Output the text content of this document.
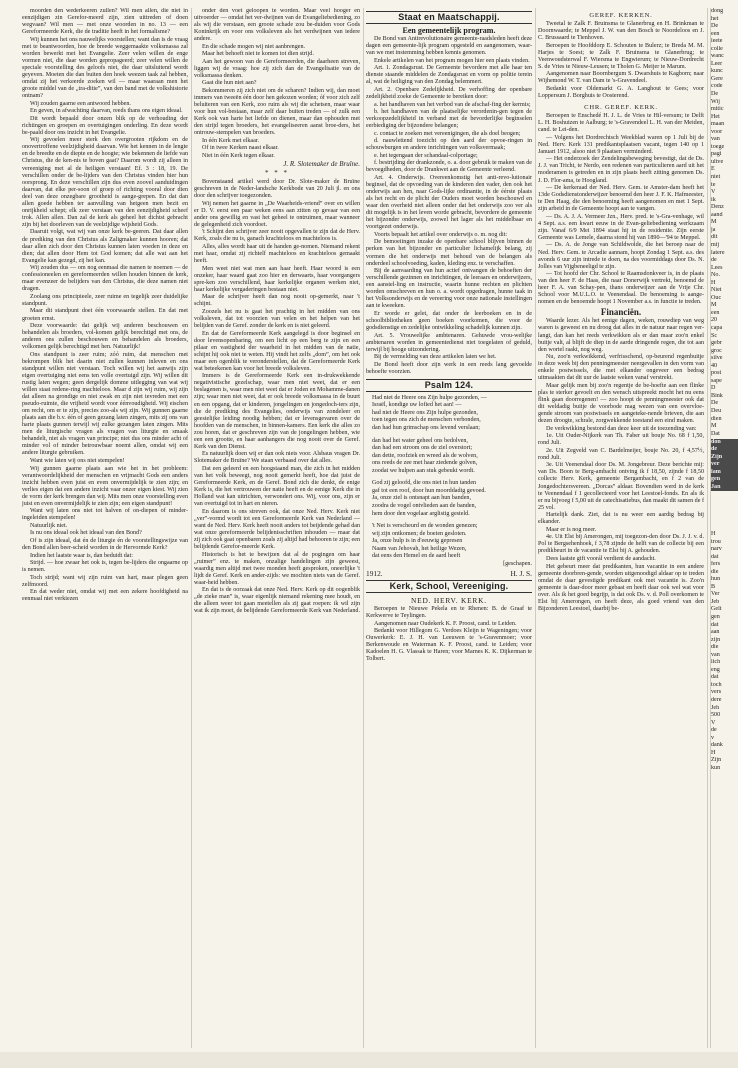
moorden den wederkeeren zullen? Wil men allen, die niet in eenzijdigen zin Gerefor-meerd zijn, zien uittreden of doen wegvaan? Wil men — met onze woorden in no. 13 — een Gereformeerde Kerk, die de traditie heeft in het formalisme?

Wij kunnen het ons nauwelijks voorstellen; want dan is de vraag met te beantwoorden, hoe de breede weggemaakte volksmassa zal worden bewerkt met het Evangelie. Zeer velen willen de enge vormen niet, die daar worden gepropageerd; zeer velen willen de speciale voorstelling des geloofs niet, die daar uitsluitend wordt geyeven. Moeten die dan buiten den hoek weezen taak zal hebben, omdat zij het verkeerde zoeken wil — maar waaraan men het groote middel van de „tra-ditie”, van den band met de volkshistorie ontnam?

Wij zouden gaarne een antwoord hebben.

En geven, in afwachting daarvan, reeds thans ons eigen ideaal.

Dit wordt bepaald door onzen blik op de verhouding der richtingen en groepen en overtuigingen onderling. En deze wordt be-paald door ons inzicht in het Evangelie.

Wij gevoelen meer sterk den overgrooten rijkdom en de onovertroffene veelzijdigheid daarvan. Wie het kennen in de lengte en de breedte en de diepte en de hoogte; wie bekennen de liefde van Christus, die de ken-nis te boven gaat? Daarom wordt zij alleen in vereeniging met al de heiligen verstaan! Ef. 3 : 18, 19. De verschillen onder de be-lijders van den Christus vinden hier hun oorsprong. En deze verschillen zijn dus even zoovel aanduidingen daarvan, dat elke per-soon of groep of richting vooral door dien deel van deze onzegbare grootheid is aange-grepen. En dat dan allen goede hebben ter aanvulling van hetgeen men bezit en onrijkheid schept; elk zeer verstaan van den eenzijdigheid scheef trok. Allen allen. Dan zal de kerk als geheel het dichtst gebracht zijn bij het doorleven van de veelzijdige wijsheid Gods.

Daaruit volgt, wat wij van onze kerk be-geeren. Dat daar allen de prediking van den Christus als Zaligmaker kunnen hooren; dat daar allen zich door den Christus kunnen laten voeden in deze en dien; dat allen door Hem tot God komen; dat alle wat aan het Evangelie kan gezegd, zij het kan.

Wij zouden dus — om nog eenmaal die namen te noemen — de confessioneelen en gereformeerden willen houden binnen de kerk, maar evenzeer de belijders van den Christus, die deze namen niet dragen.

Zoolang ons principieele, zeer ruime en tegelijk zeer duidelijke standpunt.

Maar dit standpunt doet één voorwaarde stellen. En dat met groeten ernst.

Deze voorwaarde: dat gelijk wij anderen beschouwen en behandelen als broeders, vol-komen gelijk berechtigd met ons, de anderen ons zullen beschouwen en behandelen als broeders, volkomen gelijk berechtigd met hen. Natuurlijk!

Ons standpunt is zeer ruim; zóó ruim, dat menschen met bekrompen blik het daarin niet zullen kunnen inleven en ons standpunt willen niet verstaan. Toch willen wij het aanwijs zijn eigen overtuiging niet eens ten volle overtuigd zijn. Wij willen dit rustig laten wegen; geen dergelijk domme uitlegging van wat wij willen staat redene-ring machteloos. Maar d zijn wij ruim, wij zijn dat alleen na grondige en niet zwak en zijn niet tevreden met een pseudo-ruimte, die vrijheid wordt voor éénvoudigheid. Wij eischen om recht, om er te zijn, precies zoo-als wij zijn. Wij gunnen gaarne plaats aan die b.v. één of geen gezang laten zingen, mits zij ons van harte plaats gunnen terwijl wij zulke gezangen laten zingen. Mits men de liturgische vragen als vragen van liturgie en smaak behandelt, niet als vragen van principe; niet dus ons minder acht of minder vol of minder betrouwbaar noemt allen, omdat wij een andere liturgie gebruiken.

Want wie laten wij ons niet stempelen!

Wij gunnen gaarne plaats aan wie het in het probleem: verantwoordelijkheid der menschen en vrijmacht Gods een anders inzicht hebben even juist en even onvermijdelijk te zien zijn; en verlies eigen dat een andere inzicht vaar onzer eigen kiest. Wij zien de vorm der kerk brengen dan wij. Mits men onze voorstelling even juist en even onvermijdelijk te zien zijn; een eigen standpunt!

Want wij laten ons niet tot halven of on-diepen of minder-ingeleiden stempelen!

Natuurlijk niet.

Is nu ons ideaal ook het ideaal van den Bond?

Of is zijn ideaal, dat én de liturgie én de voorstellingswijze van den Bond allen beer-scheid worden in de Hervormde Kerk?

Indien het laatste waar is, dan beduidt dat:

Strijd. — hoe zwaar het ook is, tegen be-lijders die ongaarne op is nemen.

Toch strijd; want wij zijn ruim van hart, maar plegen geen zelfmoord.

En dat weder niet, omdat wij met een zekere hoofdigheid na eenmaal niet verkiezen

onder den voet geloopen te worden. Maar veel hooger en uitvoerder — omdat het ver-dwijnen van de Evangeliebediening, zo als wij die verstaan, een groote schade zou be-duiden voor Gods Koninkrijk en voor ons volksleven als het verdwijnen van iedere andere.

En die schade mogen wij niet aanbrengen.

Maar het behoeft niet te komen tot dien strijd.

Aan het gewoon van de Gereformeerden, die daarheen streven, liggen wij de vraag: hoe zij zich dan de Evangelisatie van de volksmassa denken.

Gaat die hun niet aan?

Bekommeren zij zich niet om de scharen? Indien wij, dan moet immers van tweeën één door hen gekozen worden; óf voor zich zelf beluiteren van een Kerk, zoo ruim als wij die schetsen, maar waar voor hun vol-bestaan, maar zelf daar buiten treden — of zulk een Kerk ook van harte het liefde on dienen, maar dan ophouden met den strijd tegen broeders, het evangeliseeren aanst broe-ders, het ontrouw-stempelen van broeders.

In één Kerk met elkaar.

Of in twee Kerken naast elkaar.

Niet in één Kerk tegen elkaar.

J. R. Slotemaker de Bruïne.
* * *

Bovenstaand artikel werd door Dr. Slote-maker de Bruïne geschreven in de Neder-landsche Kerkbode van 20 Juli jl. en ons door den schrijver toegezonden.

Wij nemen het gaarne in „De Waarheids-vriend” over en willen er D. V. eerst een paar weken eens aan zitten op gevaar van een ander ons gewillig en vast het geheel te ontruimen, maar wanneer de gelegenheid zich voordoet.

't Schijnt den schrijver zeer nooit opgevallen te zijn dat de Herv. Kerk, zoals die nu is, ganach krachteloos en machteloos is.

Alles, alles wordt haar uit de handen ge-nomen. Niemand rekent met haar, omdat zij richtelf machteloos en krachteloos gemaakt heeft.

Men weet niet wat men aan haar heeft. Haar woord is een onzeker, haar waard gaat zoo hier en derwaarts, haar voorgangers spre-ken zoo verschillend, haar kerkelijke organen werken niet, haar kerkelijke vergaderingen bestaan niet.

Maar de schrijver heeft dan nog nooit op-gemerkt, naar 't schijnt.

Zoozels het nu is gaat het prachtig in het midden van ons volksleven, dat tot voorzien van velen en het helpen van het belijden van de Geref. zonder de kerk en is niet geleerd.

En dat de Gereformeerde Kerk aangelegd is door beginsel en door levensopenbaring, om een licht op een berg te zijn en een pilaar en vastigheid der waarheid in het midden van de natie, schijnt hij ook niet te weten. Hij vindt het zelfs „dom”, om het ook maar een ogenblik te veronderstellen, dat de Gereformeerde Kerk wat beteekenen kan voor het breede volksleven.

Immers is de Gereformeerde Kerk een in-drukwekkende negativistische gezelschap, waar men niet weet, dat er een beslagenen is, waar men niet weet dat er Joden en Mohamme-danen zijn; waar men niet weet, dat er ook breede volksmassa in de buurt en een opgang, dat er kinderen, jongelingen en jongedoch-ters zijn, die de prediking des Evangelies, onderwijs van zondeleer en geestelijke leiding noodig hebben; dat er levensgevaren over de hoofden van de menschen, in binnen-kamers. Een kerk die alles zo zou horen, dat er geschreven zijn van de jongelingen hebben, wie een een grootte, en haar aanhangers die nog nooit over de Geref. Kerk van den Dienst.

Es natuurlijk doen wij er dan ook niets voor. Alsbaus vragen Dr. Slotemaker de Bruïne? We staan verbaasd over dat alles.

Dat een geleerd en een hoogstaand man, die zich in het midden van het volk beweegt, nog nooit gemerkt heeft, hoe dat juist de Gereformeerde Kerk, en de Geref. Bond zich die denkt, de enige Kerk is, die het vertrouwen der natie heeft en de eenige Kerk die in Holland wat kan uitrichten, verwondert ons. Wij, voor ons, zijn er van overtuigd tot in hart en nieren.

En daarom is ons streven ook, dat onze Ned. Herv. Kerk niet „ver”-vormd wordt tot een Gereformeerde Kerk van Nederland — want de Ned. Herv. Kerk heeft nooit anders tot beijdende gehad dan wat onze gereformeerde belijdenisschriften inhouden — maar dat zij zich ook gaat openbaren zoals zij altijd had behooren te zijn; een belijdende Gerefor-meerde Kerk.

Historisch is het te bewijzen dat al de pogingen om haar „ruimer” enz. te maken, onzalige handelingen zijn geweest, waardig men altijd met twee monden heeft gesproken, oneerlijke 't lijdt de Geref. Kerk en ander-zijds: we mochten niets van de Geref. waar-heid hebben.

En dat is de oorzaak dat onze Ned. Herv. Kerk op dit oogenblik „de zieke man” is, waar eigenlijk niemand rekening mee houdt, en die alleen weer tot gaan meetellen als zij gaat roepen: ik wil zijn wat ik zijn moet, de belijdende Gereformeerde Kerk van Nederland.

Staat en Maatschappij.
Een gemeentelijk program.

De Bond van Antirevolutionaire gemeente-raadsleden heeft deze dagen een gemeente-lijk program opgesteld en aangenomen, waar-van we met instemming hebben kennis genomen.

Enkele artikelen van het program mogen hier een plaats vinden.

Art. 1. Zondagsrust. De Gemeente bevordere met alle haar ten dienste staande middelen de Zondagsrust en vorm op politie terein al, wat de heiliging van den Zondag belemmert.

Art. 2. Openbare Zedelijkheid. De verhoffing der openbare zedelijkheid zoeke de Gemeente te bereiken door:

a. het handhaven van het verbod van de afschaf-fing der kermis;

b. het handhaven van de plaatselijke verordenin-gen tegen de verkoopzedelijkheid in verband met de bevorderlijke beginselen eerbiediging der bijzondere belangen;

c. contact te zoeken met vereenigingen, die als doel beogen;

d. nauwlettend toezicht op den aard der opvoe-ringen in schouwburgen en andere inrichtingen van volksvermaak;

e. het tegengaan der schandaal-colportage;

f. bestrijding der drankzonde, o. a. door gebruik te maken van de bevoegdheden, door de Drankwet aan de Gemeente verleend.

Art. 4. Onderwijs. Overeenkomstig het anti-revo-lutionair beginsel, dat de opvoeding van de kinderen den vader, den ook het onderwijs aan hen, naar Gods-lijke ordinantie, in de éérste plaats als het recht en de plicht der Ouders moet worden beschouwd en waar den overheid niet alleen onder dat het onderwijs zoo ver als dit mogelijk is in het leven worde gebracht, bevordere de gemeente het bijzonder onderwijs, zoowel het lager als het middelbaar en voortgezet onderwijs.

Voorts bepaalt het artikel over onderwijs o. m. nog dit:

De bemoeiingen inzake de openbare school blijven binnen de perken van het bijzonder en particulier lichamelijk belang, zij vormen die het onderwijs met behoud van de belangen als onderdeel schoolvoeding, kaden, kleding enz. te verschaffen.

Bij de aanvaarding van hun actief ontvangen de behoeften der verschillende gezinnen en inrichtingen, de leeraars en onderwijzers, een aanstel-ling en instructie, waarin hunne rechten en plichten worden omschreven en hun o. a. wordt opgedragen, hunne taak in het Volksonderwijs en de vereering voor onze nationale instellingen aan te kweeken.

Er worde er gelet, dat onder de leerboeken en in de schoolbibliotheken geen boeken voorkomen, die voor de godsdienstige en zedelijke ontwikkeling schadelijk kunnen zijn.

Art. 5. Vrouwelijke ambtenaren. Gehuwde vrou-welijke ambtenaren worden in gemeentedienst niet toegelaten of geduld, terwijl bij hooge uitzondering.

Bij de vermelding van deze artikelen laten we het.

De Bond heeft door zijn werk in een reeds lang gevoelde behoefte voorzien.

Psalm 124.

Had niet de Heere ons Zijn hulpe gezonden, —

Israël, kondige uw lofied het aan! —

had niet de Heere ons Zijn hulpe gezonden,

toen tegen ons zich de menschen verbonden,

dan had hun grimschap ons levend verslaan;

dan had het water geheel ons bedolven,

dan had een stroom ons de ziel overstort;

dan dette, roofziek en wreed als de wolven,

ons reeds de zee met haar ziedende golven,

zoodat we hulpen aan stuk gebeukt wordt.

God zij geloofd, die ons niet in hun tanden

gaf tot een roof, door hun moorddadig gevoed.

Ja, onze ziel is ontsnapt aan hun banden,

zoodra de vogel ontvlieden aan de banden,

hem door den vogelaar arglistig gesteld.

't Net is verscheurd en de wonden genezen;

wij zijn ontkomen; de boeien gesloten.

Ja, onze hulp is in d'eeuwig gepresen

Naam van Jehovah, het heilige Wezen,

dat eens den Hemel en de aard heeft

[geschapen.

1912.	H. J. S.
Kerk, School, Vereeniging.
NED. HERV. KERK.

Beroepen te Nieuwe Pekela en te Rhenen: B. de Graaf te Kerkwerve te Teylingen.

Aangenomen naar Oudekerk K. F. Proost, cand. te Leiden.

Bedankt voor Hillegom G. Verdoes Kleijn te Wageningen; voor Ouwerkerk: E. J. H. van Leeuwen te 's-Gravenmoer; voor Berkenwoude en Waterman K. F. Proost, cand. te Leiden; voor Kadoelen H. G. Vlassak te Haren; voor Marnes K. K. Dijkerman te Tolbert.

dong

het

De

een

leete

colle

wanc

Leer

kunc

Gere

code

De

Wij

mitic

Het

maan

voor

van

toege

pagi

ultve

E

niet

te

V

ik

Denz

aand

M

ja

dit

mij

latere

de

Lees

No.

H

Niet

Ouc

M

een

20

capa

Sc

gebr

groc

silve

40

post

sape

D

Bink

De

Deu

dien

M

Dat

don

de

Zijn

ver

lam

gen

Jan

H

trou

narv

dat

fers

die

hun

B

Ver

Jeb

Gelt

gen

dat

aan

zijn

die

van

lich

eng

dat

toch

vers

dere

Jeh

500

V

de

v

dank

H

Zijn

kun

GEREF. KERKEN.

Tweetal te Zalk F. Bruinsma te Glanerbrug en H. Brinkman te Doornwaarde; te Meppel J. W. van den Bosch te Noordeloos en J. C. Brussaard te Tienhoven.

Beroepen te Hoofddorp E. Schouten te Bulerz; te Breda M. M. Harjes te Soest; te Zalk F. Bruinsma te Glanerbrug; te Veenwoudsterwal F. Wiersma te Engwierum; te Nieuw-Dordrecht S. de Vries te Nieuw-Leusen; te Tholen G. Meijer te Marum.

Aangenomen naar Boornbergum S. Dwarshuis te Kagborn; naar Wijhemond W. T. van Dam te 's-Gravendeel.

Bedankt voor Oldemarkt G. A. Langhout te Gees; voor Loppersum J. Borghuis te Oosterend.

CHR. GEREF. KERK.

Beroepen te Enschedé H. J. L. de Vries te Hil-versum; te Delft L. H. Boshuizen te Aalburg; te 's-Gravendeel L. H. van der Meiden, cand. te Lei-den.

— Volgens het Dordrechtsch Weekblad waren op 1 Juli bij de Ned. Herv. Kerk 131 predikantsplaatsen vacant, tegen 140 op 1 Januari 1912, alsoo niet 9 plaatsen verminderd.

— Het onderzoek der Zendelingsbeweging bevestigt, dat de Ds. J. J. van Tricht, te Nerdo, een redenen van particulieren aard uit het moderamen is getreden en in zijn plaats heeft zitting genomen Ds. J. D. Flor-ama, te Hoogland.

— De kerkeraad der Ned. Herv. Gem. te Amster-dam heeft het 13de Godsdienstonderwijzer benoemd den heer J. F. K. Hafmeester, te Den Haag, die den benoeming heeft aangenomen en met 1 Sept. zijn arbeid in de Gemeente hoopt aan te vangen.

— Ds. A. J. A. Vermeer Jzn., Herv. pred. te 's-Gra-venhage, wil 4 Sept. a.s. een kwart eeuw in de Evan-geliebediening werkzaam zijn. Vanaf 6/9 Mei 1894 staat hij in de residentie. Zijn eerste Gemeente was Lemele, daarna stond hij van 1890—'94 te Meppel.

— Ds. A. de Jonge van Schildwolde, die het beroep naar de Ned. Herv. Gem. te Arcadie aannam, hoopt Zondag 1 Sept. a.s. des avonds 6 uur zijn intrede te doen, na des voormiddags door Ds. N. Jolles van Vijgbeneeligd te zijn.

— Tot hoofd der Chr. School te Raamsdonkveer is, in de plaats van den heer F. de Haas, die naar Donerwijk vertrekt, benoemd de heer F. A. van Schay-pen, thans onderwijzer aan de Vrije Chr. School voor M.U.L.O. te Veenendaal. De benoeming is aange-nomen en de benoemde hoopt 1 November a.s. in functie te treden.

Financiën.

Waarde lezer. Als het eenige dagen, weken, rouwdiep van weg waren is geweest en nu droog dat alles in de natuur naar regen ver-langt, dan kan het reeds verkwikken als er dan maar zoo'n enkel buitje valt, al blijft de diep in de aarde dringende regen, die tot aan den wortel raakt, nog weg.

Nu, zoo'n verkwikkend, verfrisschend, op-beurend regenbuitje in deze week bij den penningmeester neergevallen in den vorm van enkele postwissels, die met elkander ongeveer een bedrag uitmaakten dat dit uur de laatste weken vanaf verstrekt.

Maar gelijk men bij zoo'n regentje de be-hoefte aan een flinke plas te sterker gevoelt en den wensch uitspreekt mocht het nu eens flink gaan doorregenen! — zoo hoopt de penningmeester ook dat dit weldadig buitje de voorbode mag wezen van een overvloe-gende stroom van postwissels en aangeteke-nende brieven, die aan dezen droogte, schrale, zorgwekkende toestand een eind maken.

De verkwikking bestond dan deze keer uit de toezending van:

1e. Uit Ouder-Nijkerk van Th. Faber uit bouje No. 68 f 1,50, rond Juli.

2e. Uit Zegveld van C. Bardelmeijer, bouje No. 20, f 4,57½, rond Juli.

3e. Uit Veenendaal door Ds. M. Jongebreur. Deze berichte mij: van Ds. Boon te Berg-ambacht ontving ik f 18,50, zijnde f 18,50 collecte Herv. Kerk, gemeente Bergambacht, en f 2 van de Jongedochtersvereen. „Dorcas” aldaar. Bovendien werd in de kerk te Veenendaal f 1 gecollecteerd voor het Leestoel-fonds. En als ik er nu bijvoeg f 5,00 uit de catechisatiebus, dan maakt dit samen de f 25 vol.

Hartelijk dank. Ziet, dat is nu weer een aardig bedrag bij elkander.

Maar er is nog meer.

4e. Uit Elst bij Amerongen, mij toegezon-den door Ds. J. J. v. d. Pol te Bergsehenhoek, f 3,78 zijnde de helft van de collecte bij een predikbeurt in de vacantie te Elst bij A. gehouden.

Dees laatste gift voorál verdient de aandacht.

Het gebeurt meer dat predikanten, hun vacantie in een andere gemeente doorbren-gende, worden uitgenoodigd aldaar op te treden omdat de daar gevestigde predikant ook met vacantie is. Zoo'n gemeente is daar-door meer gebaat en heeft daar ook wel wat voor over. Als ik het goed begrijp, is dat ook Ds. v. d. Poll overkomen te Elst bij Amerongen, en heeft deze, als goed vriend van den Bijzonderen Leestoel, daarbij be-
